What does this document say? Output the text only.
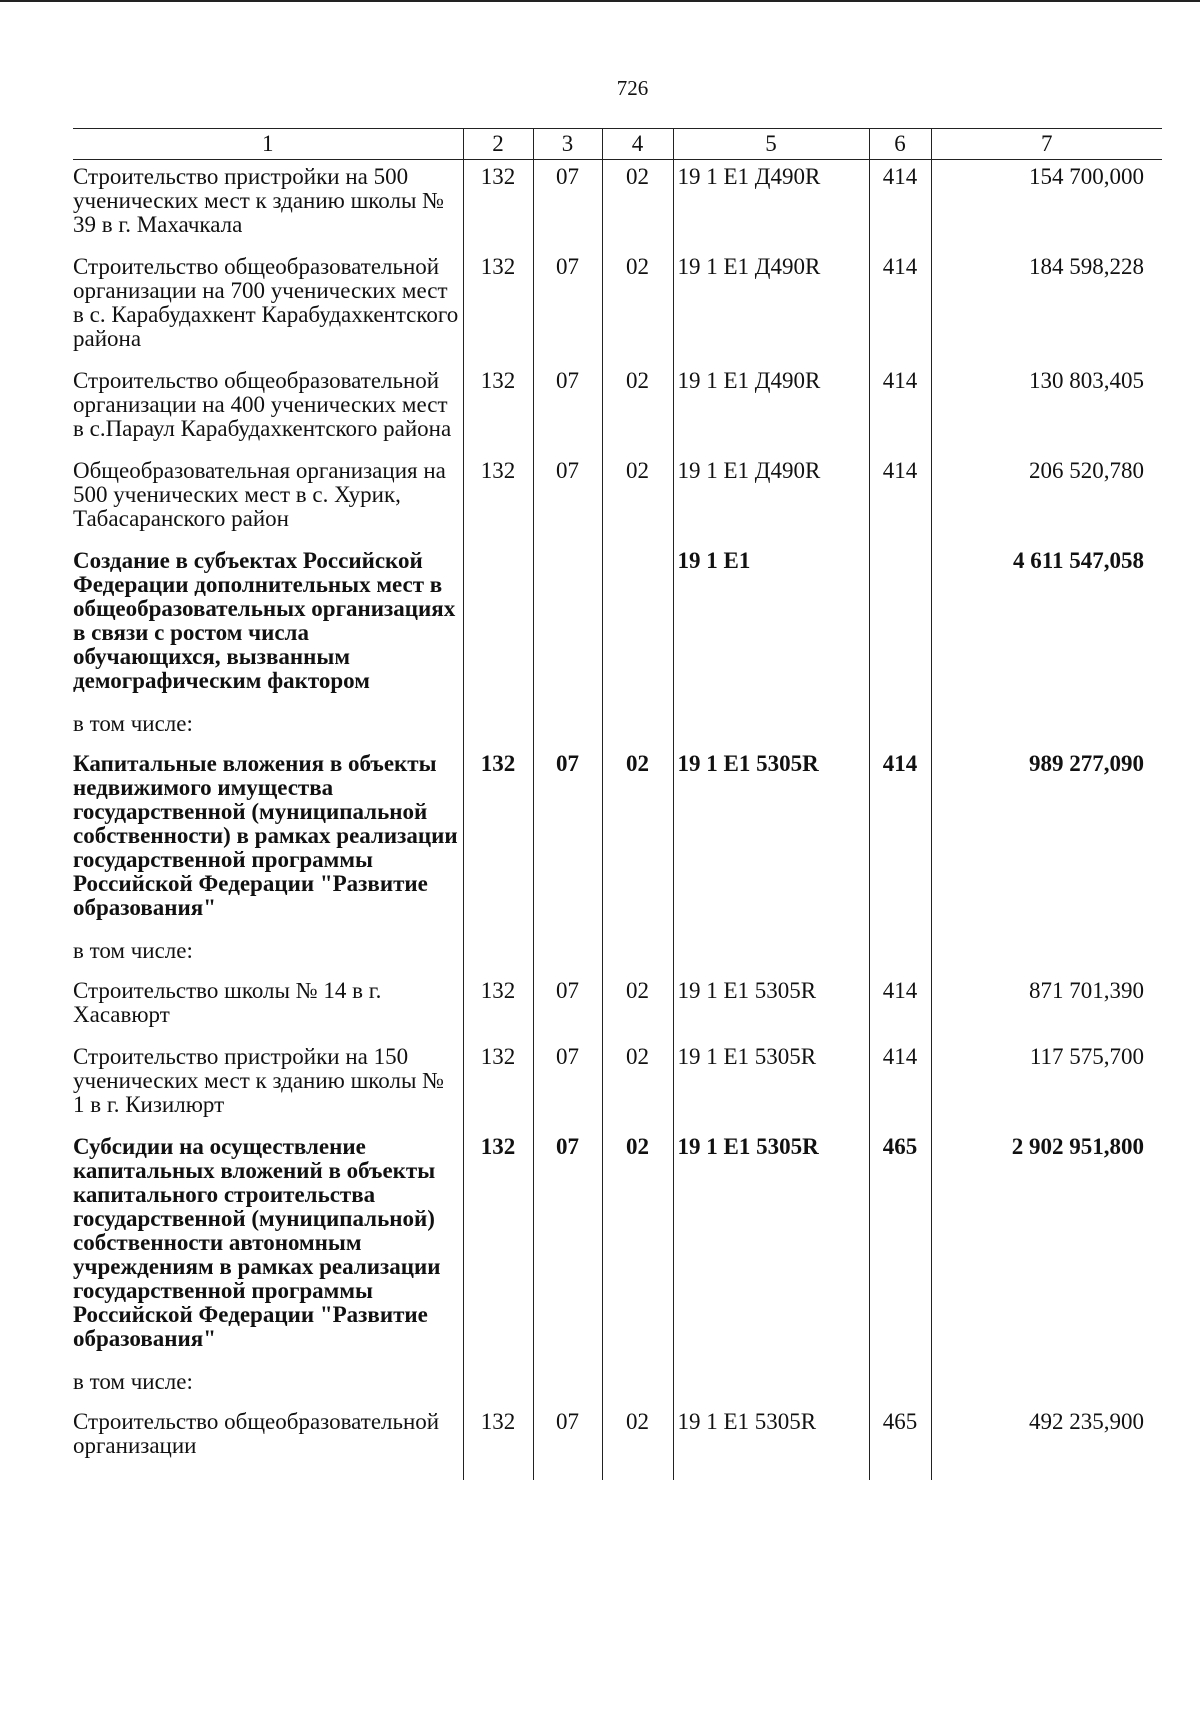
726
1	2	3	4	5	6	7
Строительство пристройки на 500 ученических мест к зданию школы № 39 в г. Махачкала	132	07	02	19 1 Е1 Д490R	414	154 700,000
Строительство общеобразовательной организации на 700 ученических мест в с. Карабудахкент Карабудахкентского района	132	07	02	19 1 Е1 Д490R	414	184 598,228
Строительство общеобразовательной организации на 400 ученических мест в с.Параул Карабудахкентского района	132	07	02	19 1 Е1 Д490R	414	130 803,405
Общеобразовательная организация на 500 ученических мест в с. Хурик, Табасаранского район	132	07	02	19 1 Е1 Д490R	414	206 520,780
Создание в субъектах Российской Федерации дополнительных мест в общеобразовательных организациях в связи с ростом числа обучающихся, вызванным демографическим фактором				19 1 Е1		4 611 547,058
в том числе:						
Капитальные вложения в объекты недвижимого имущества государственной (муниципальной собственности) в рамках реализации государственной программы Российской Федерации "Развитие образования"	132	07	02	19 1 Е1 5305R	414	989 277,090
в том числе:						
Строительство школы № 14 в г. Хасавюрт	132	07	02	19 1 Е1 5305R	414	871 701,390
Строительство пристройки на 150 ученических мест к зданию школы № 1 в г. Кизилюрт	132	07	02	19 1 Е1 5305R	414	117 575,700
Субсидии на осуществление капитальных вложений в объекты капитального строительства государственной (муниципальной) собственности автономным учреждениям в рамках реализации государственной программы Российской Федерации "Развитие образования"	132	07	02	19 1 Е1 5305R	465	2 902 951,800
в том числе:						
Строительство общеобразовательной организации	132	07	02	19 1 Е1 5305R	465	492 235,900
